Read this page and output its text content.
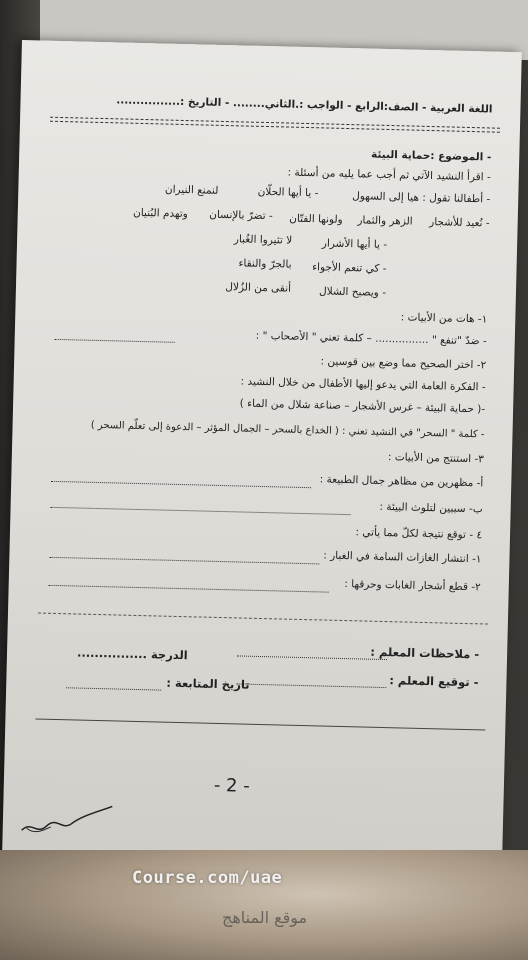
اللغة العربية - الصف:الرابع - الواجب :.الثاني........ - التاريخ :................
- الموضوع :حماية البيئة
- اقرأ النشيد الآتي ثم أجب عما يليه من أسئلة :
- أطفالنا تقول : هيا إلى السهول
- يا أيها الحلّان
لنمنع النيران
- نُعيد للأشجار
الزهر والثمار
ولونها الفتّان
- تضرّ بالإنسان
وتهدم البُنيان
- يا أيها الأشرار
لا تثيروا الغُبار
- كي تنعم الأجواء
بالجرّ والنقاء
- ويصبح الشلال
أنقى من الزُلال
١- هات من الأبيات :
- ضدّ "تنفع " ................ – كلمة تعني " الأصحاب " :
٢- اختر الصحيح مما وضع بين قوسين :
- الفكرة العامة التي يدعو إليها الأطفال من خلال النشيد :
-( حماية البيئة – غرس الأشجار – صناعة شلال من الماء )
- كلمة " السحر" في النشيد تعني : ( الخداع بالسحر – الجمال المؤثر – الدعوة إلى تعلّم السحر )
٣- استنتج من الأبيات :
أ- مظهرين من مظاهر جمال الطبيعة :
ب- سببين لتلوث البيئة :
٤ - توقع نتيجة لكلّ مما يأتي :
١- انتشار الغازات السامة في الغبار :
٢- قطع أشجار الغابات وحرقها :
- ملاحظات المعلم :
الدرجة ................
- توقيع المعلم :
تاريخ المتابعة :
- 2 -
Course.com/uae
موقع المناهج
